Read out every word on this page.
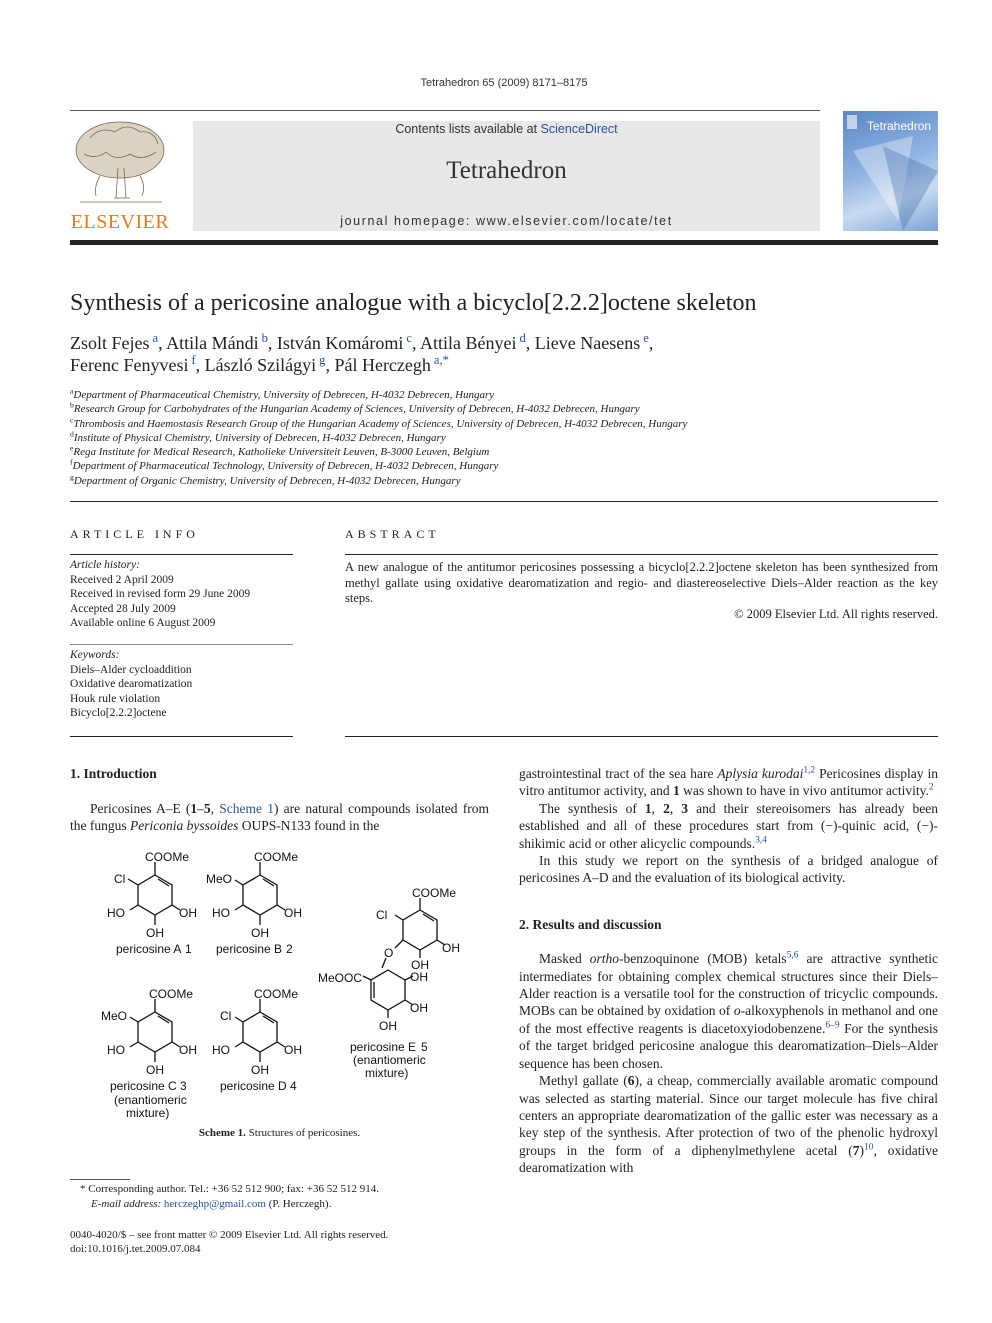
Tetrahedron 65 (2009) 8171–8175
ELSEVIER
Contents lists available at ScienceDirect
Tetrahedron
journal homepage: www.elsevier.com/locate/tet
Tetrahedron
Synthesis of a pericosine analogue with a bicyclo[2.2.2]octene skeleton
Zsolt Fejes $^a$, Attila Mándi $^b$, István Komáromi $^c$, Attila Bényei $^d$, Lieve Naesens $^e$,
Ferenc Fenyvesi $^f$, László Szilágyi $^g$, Pál Herczegh $^{a,*}$
$^a$Department of Pharmaceutical Chemistry, University of Debrecen, H-4032 Debrecen, Hungary
$^b$Research Group for Carbohydrates of the Hungarian Academy of Sciences, University of Debrecen, H-4032 Debrecen, Hungary
$^c$Thrombosis and Haemostasis Research Group of the Hungarian Academy of Sciences, University of Debrecen, H-4032 Debrecen, Hungary
$^d$Institute of Physical Chemistry, University of Debrecen, H-4032 Debrecen, Hungary
$^e$Rega Institute for Medical Research, Katholieke Universiteit Leuven, B-3000 Leuven, Belgium
$^f$Department of Pharmaceutical Technology, University of Debrecen, H-4032 Debrecen, Hungary
$^g$Department of Organic Chemistry, University of Debrecen, H-4032 Debrecen, Hungary
ARTICLE INFO
Article history:
Received 2 April 2009
Received in revised form 29 June 2009
Accepted 28 July 2009
Available online 6 August 2009
Keywords:
Diels–Alder cycloaddition
Oxidative dearomatization
Houk rule violation
Bicyclo[2.2.2]octene
ABSTRACT

A new analogue of the antitumor pericosines possessing a bicyclo[2.2.2]octene skeleton has been synthesized from methyl gallate using oxidative dearomatization and regio- and diastereoselective Diels–Alder reaction as the key steps.

© 2009 Elsevier Ltd. All rights reserved.
1. Introduction

Pericosines A–E (1–5, Scheme 1) are natural compounds isolated from the fungus Periconia byssoides OUPS-N133 found in the

COOMe
Cl
HO	OH
OH
pericosine A 1
COOMe
MeO
HO	OH
OH
pericosine B 2
COOMe
MeO
HO	OH
OH
pericosine C 3
(enantiomeric
mixture)
COOMe
Cl
HO	OH
OH
pericosine D 4
COOMe
Cl
OH
OH
O
MeOOC	OH
OH
OH
pericosine E 5
(enantiomeric
mixture)
Scheme 1. Structures of pericosines.
* Corresponding author. Tel.: +36 52 512 900; fax: +36 52 512 914.
E-mail address: herczeghp@gmail.com (P. Herczegh).
0040-4020/$ – see front matter © 2009 Elsevier Ltd. All rights reserved.
doi:10.1016/j.tet.2009.07.084

gastrointestinal tract of the sea hare Aplysia kurodai$^{1,2}$ Pericosines display in vitro antitumor activity, and 1 was shown to have in vivo antitumor activity.$^2$

The synthesis of 1, 2, 3 and their stereoisomers has already been established and all of these procedures start from (−)-quinic acid, (−)-shikimic acid or other alicyclic compounds.$^{3,4}$

In this study we report on the synthesis of a bridged analogue of pericosines A–D and the evaluation of its biological activity.

2. Results and discussion

Masked ortho-benzoquinone (MOB) ketals$^{5,6}$ are attractive synthetic intermediates for obtaining complex chemical structures since their Diels–Alder reaction is a versatile tool for the construction of tricyclic compounds. MOBs can be obtained by oxidation of o-alkoxyphenols in methanol and one of the most effective reagents is diacetoxyiodobenzene.$^{6-9}$ For the synthesis of the target bridged pericosine analogue this dearomatization–Diels–Alder sequence has been chosen.

Methyl gallate (6), a cheap, commercially available aromatic compound was selected as starting material. Since our target molecule has five chiral centers an appropriate dearomatization of the gallic ester was necessary as a key step of the synthesis. After protection of two of the phenolic hydroxyl groups in the form of a diphenylmethylene acetal $(7)^{10}$, oxidative dearomatization with
